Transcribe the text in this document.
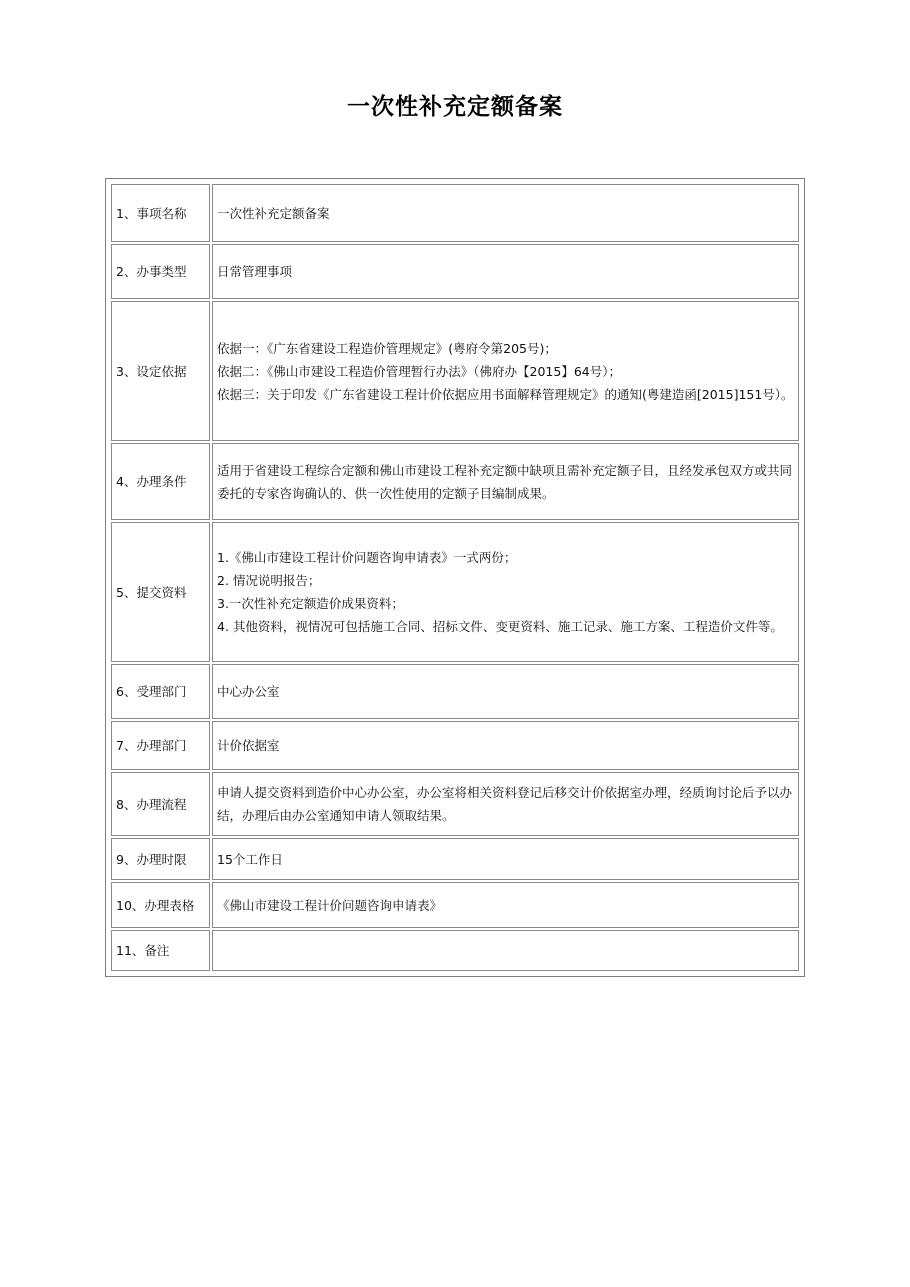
一次性补充定额备案
1、事项名称	一次性补充定额备案

2、办事类型	日常管理事项

3、设定依据	依据一：《广东省建设工程造价管理规定》(粤府令第205号)；
依据二：《佛山市建设工程造价管理暂行办法》（佛府办【2015】64号）；
依据三：关于印发《广东省建设工程计价依据应用书面解释管理规定》的通知(粤建造函[2015]151号）。

4、办理条件	适用于省建设工程综合定额和佛山市建设工程补充定额中缺项且需补充定额子目，且经发承包双方或共同委托的专家咨询确认的、供一次性使用的定额子目编制成果。

5、提交资料	1.《佛山市建设工程计价问题咨询申请表》一式两份；
2. 情况说明报告；
3.一次性补充定额造价成果资料；
4. 其他资料，视情况可包括施工合同、招标文件、变更资料、施工记录、施工方案、工程造价文件等。

6、受理部门	中心办公室

7、办理部门	计价依据室

8、办理流程	申请人提交资料到造价中心办公室，办公室将相关资料登记后移交计价依据室办理，经质询讨论后予以办结，办理后由办公室通知申请人领取结果。

9、办理时限	15个工作日

10、办理表格	《佛山市建设工程计价问题咨询申请表》

11、备注	
